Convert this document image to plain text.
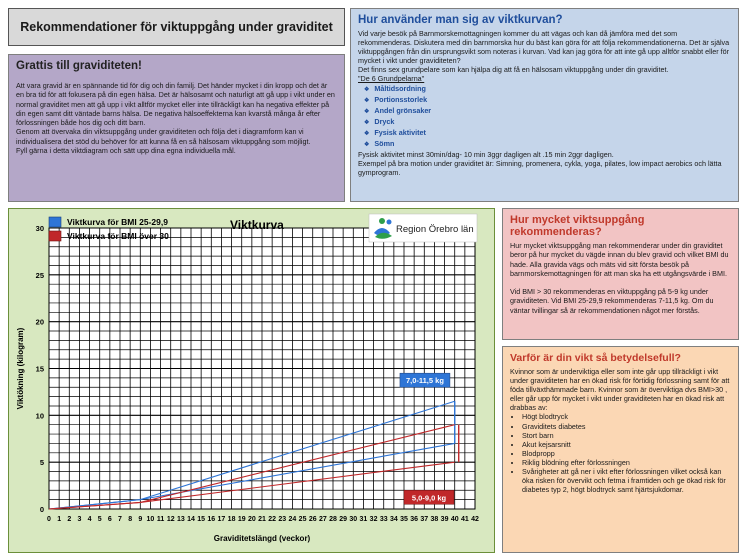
Rekommendationer för viktuppgång under graviditet
Grattis till graviditeten!

Att vara gravid är en spännande tid för dig och din familj. Det händer mycket i din kropp och det är en bra tid för att fokusera på din egen hälsa. Det är hälsosamt och naturligt att gå upp i vikt under en normal graviditet men att gå upp i vikt alltför mycket eller inte tillräckligt kan ha negativa effekter på din egen samt ditt väntade barns hälsa. De negativa hälsoeffekterna kan kvarstå många år efter förlossningen både hos dig och ditt barn.

Genom att övervaka din viktsuppgång under graviditeten och följa det i diagramform kan vi individualisera det stöd du behöver för att kunna få en så hälsosam viktuppgång som möjligt.

Fyll gärna i detta viktdiagram och sätt upp dina egna individuella mål.

Hur använder man sig av viktkurvan?

Vid varje besök på Barnmorskemottagningen kommer du att vägas och kan då jämföra med det som rekommenderas. Diskutera med din barnmorska hur du bäst kan göra för att följa rekommendationerna. Det är själva viktuppgången från din ursprungsvikt som noteras i kurvan. Vad kan jag göra för att inte gå upp alltför snabbt eller för mycket i vikt under graviditeten?

Det finns sex grundpelare som kan hjälpa dig att få en hälsosam viktuppgång under din graviditet.

"De 6 Grundpelarna"

❖ Måltidsordning
❖ Portionsstorlek
❖ Andel grönsaker
❖ Dryck
❖ Fysisk aktivitet
❖ Sömn

Fysisk aktivitet minst 30min/dag- 10 min 3ggr dagligen alt .15 min 2ggr dagligen.

Exempel på bra motion under graviditet är: Simning, promenera, cykla, yoga, pilates, low impact aerobics och lätta gymprogram.

0
5
10
15
20
25
30
0 1 2 3 4 5 6 7 8 9 10 11 12 13 14 15 16 17 18 19 20 21 22 23 24 25 26 27 28 29 30 31 32 33 34 35 36 37 38 39 40 41 42
Viktkurva för BMI 25-29,9
Viktkurva för BMI över 30
Viktkurva	Region Örebro län
Viktökning (kilogram)
Graviditetslängd (veckor)
7,0-11,5 kg
5,0-9,0 kg
Hur mycket viktsuppgång rekommenderas?

Hur mycket viktsuppgång man rekommenderar under din graviditet beror på hur mycket du vägde innan du blev gravid och vilket BMI du hade. Alla gravida vägs och mäts vid sitt första besök på barnmorskemottagningen för att man ska ha ett utgångsvärde i BMI.

Vid BMI > 30 rekommenderas en viktuppgång på 5-9 kg under graviditeten. Vid BMI 25-29,9 rekommenderas 7-11,5 kg. Om du väntar tvillingar så är rekommendationen något mer förstås.

Varför är din vikt så betydelsefull?

Kvinnor som är underviktiga eller som inte går upp tillräckligt i vikt under graviditeten har en ökad risk för förtidig förlossning samt för att föda tillväxthämmade barn. Kvinnor som är överviktiga dvs BMI>30 , eller går upp för mycket i vikt under graviditeten har en ökad risk att drabbas av:

• Högt blodtryck
• Graviditets diabetes
• Stort barn
• Akut kejsarsnitt
• Blodpropp
• Riklig blödning efter förlossningen
• Svårigheter att gå ner i vikt efter förlossningen vilket också kan öka risken för övervikt och fetma i framtiden och ge ökad risk för diabetes typ 2, högt blodtryck samt hjärtsjukdomar.
